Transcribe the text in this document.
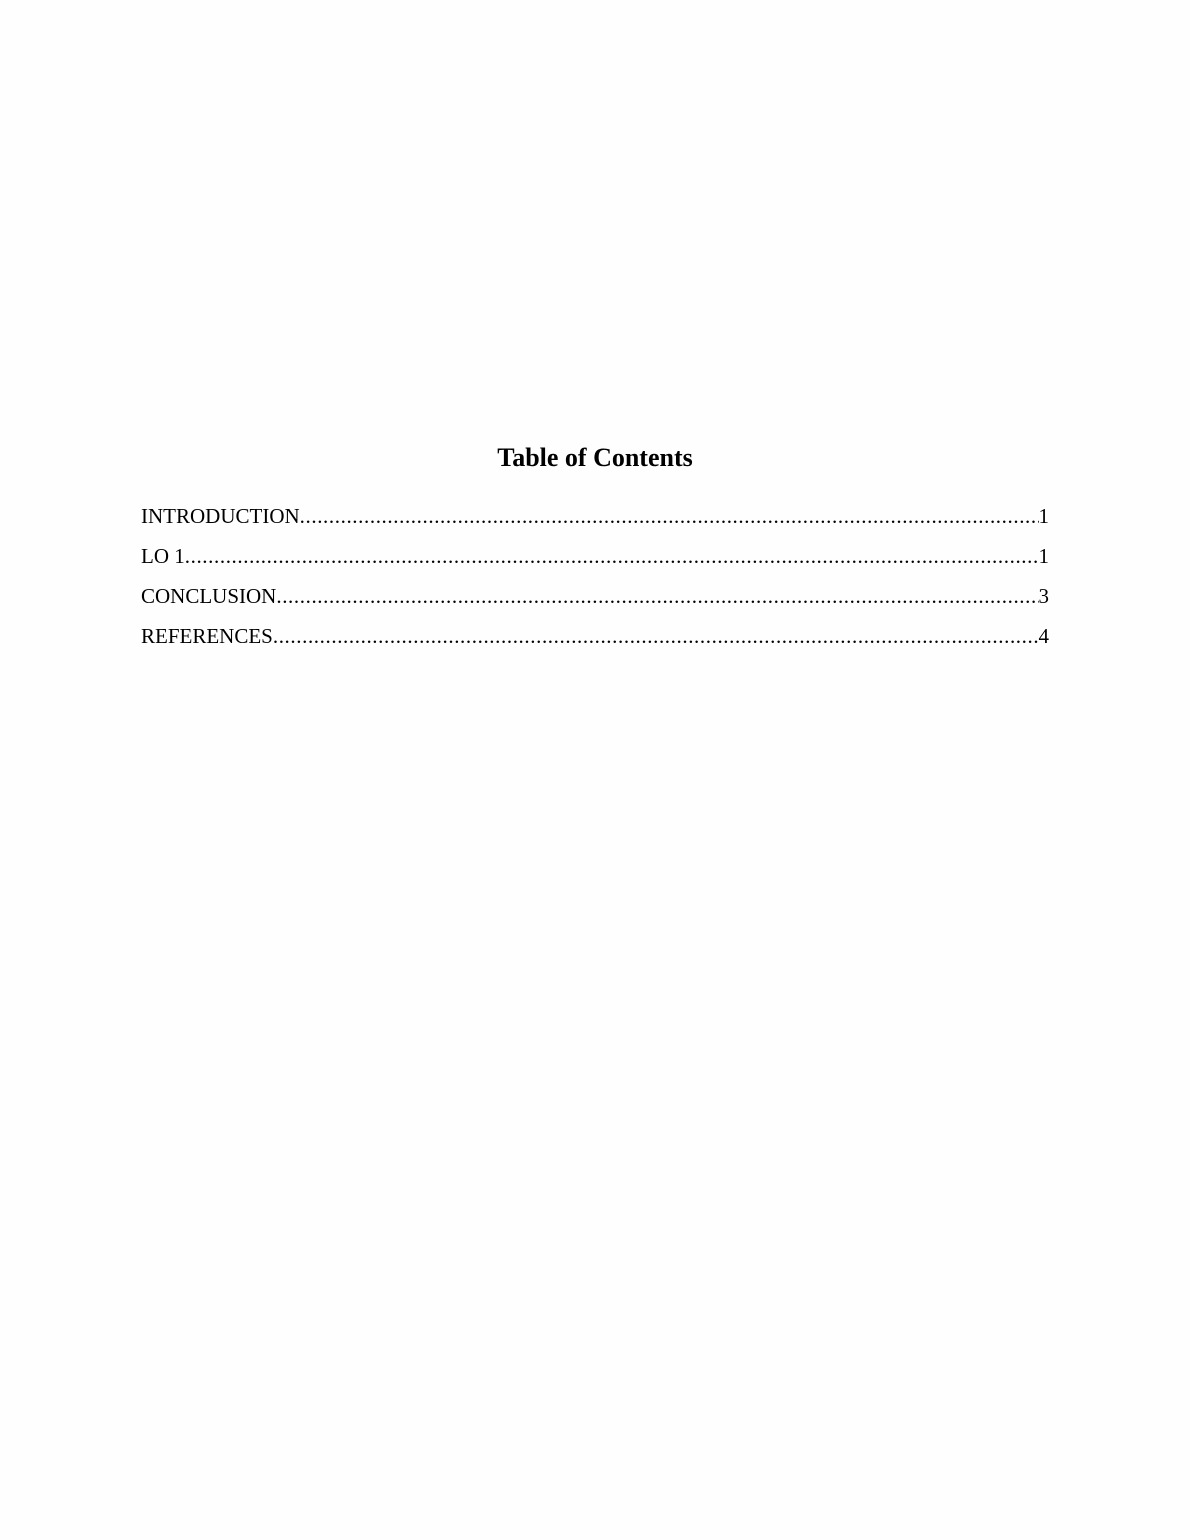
Table of Contents
INTRODUCTION .....	1
LO 1 .....	1
CONCLUSION .....	3
REFERENCES .....	4
